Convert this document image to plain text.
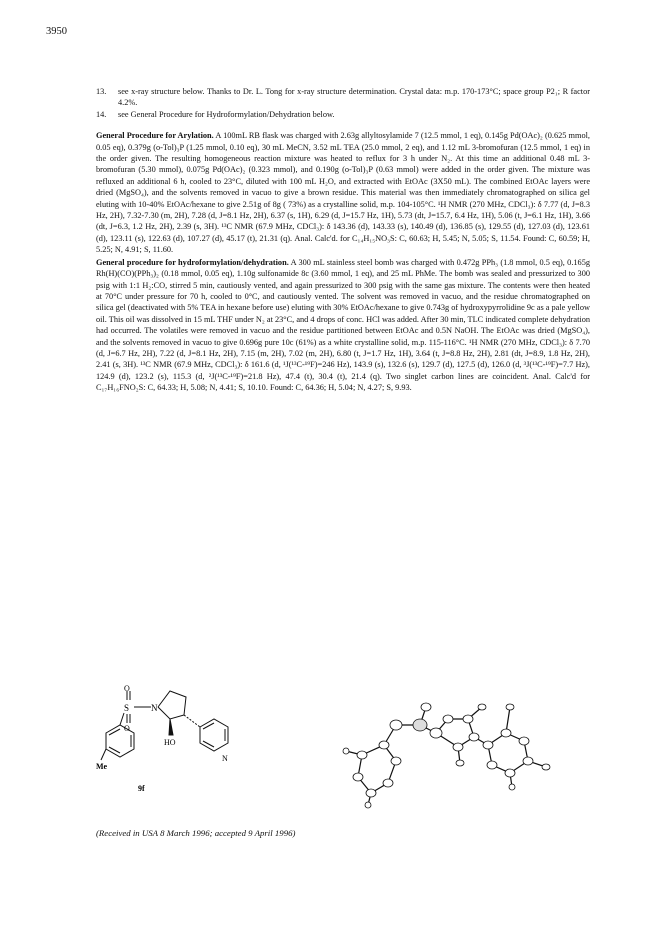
3950
13. see x-ray structure below. Thanks to Dr. L. Tong for x-ray structure determination. Crystal data: m.p. 170-173°C; space group P2₁; R factor 4.2%.
14. see General Procedure for Hydroformylation/Dehydration below.
General Procedure for Arylation. A 100mL RB flask was charged with 2.63g allyltosylamide 7 (12.5 mmol, 1 eq), 0.145g Pd(OAc)₂ (0.625 mmol, 0.05 eq), 0.379g (o-Tol)₃P (1.25 mmol, 0.10 eq), 30 mL MeCN, 3.52 mL TEA (25.0 mmol, 2 eq), and 1.12 mL 3-bromofuran (12.5 mmol, 1 eq) in the order given. The resulting homogeneous reaction mixture was heated to reflux for 3 h under N₂. At this time an additional 0.48 mL 3-bromofuran (5.30 mmol), 0.075g Pd(OAc)₂ (0.323 mmol), and 0.190g (o-Tol)₃P (0.63 mmol) were added in the order given. The mixture was refluxed an additional 6 h, cooled to 23°C, diluted with 100 mL H₂O, and extracted with EtOAc (3X50 mL). The combined EtOAc layers were dried (MgSO₄), and the solvents removed in vacuo to give a brown residue. This material was then immediately chromatographed on silica gel eluting with 10-40% EtOAc/hexane to give 2.51g of 8g ( 73%) as a crystalline solid, m.p. 104-105°C. ¹H NMR (270 MHz, CDCl₃): δ 7.77 (d, J=8.3 Hz, 2H), 7.32-7.30 (m, 2H), 7.28 (d, J=8.1 Hz, 2H), 6.37 (s, 1H), 6.29 (d, J=15.7 Hz, 1H), 5.73 (dt, J=15.7, 6.4 Hz, 1H), 5.06 (t, J=6.1 Hz, 1H), 3.66 (dt, J=6.3, 1.2 Hz, 2H), 2.39 (s, 3H). ¹³C NMR (67.9 MHz, CDCl₃): δ 143.36 (d), 143.33 (s), 140.49 (d), 136.85 (s), 129.55 (d), 127.03 (d), 123.61 (d), 123.11 (s), 122.63 (d), 107.27 (d), 45.17 (t), 21.31 (q). Anal. Calc'd. for C₁₄H₁₅NO₃S: C, 60.63; H, 5.45; N, 5.05; S, 11.54. Found: C, 60.59; H, 5.25; N, 4.91; S, 11.60.
General procedure for hydroformylation/dehydration. A 300 mL stainless steel bomb was charged with 0.472g PPh₃ (1.8 mmol, 0.5 eq), 0.165g Rh(H)(CO)(PPh₃)₂ (0.18 mmol, 0.05 eq), 1.10g sulfonamide 8c (3.60 mmol, 1 eq), and 25 mL PhMe. The bomb was sealed and pressurized to 300 psig with 1:1 H₂:CO, stirred 5 min, cautiously vented, and again pressurized to 300 psig with the same gas mixture. The contents were then heated at 70°C under pressure for 70 h, cooled to 0°C, and cautiously vented. The solvent was removed in vacuo, and the residue chromatographed on silica gel (deactivated with 5% TEA in hexane before use) eluting with 30% EtOAc/hexane to give 0.743g of hydroxypyrrolidine 9c as a pale yellow oil. This oil was dissolved in 15 mL THF under N₂ at 23°C, and 4 drops of conc. HCl was added. After 30 min, TLC indicated complete dehydration had occurred. The volatiles were removed in vacuo and the residue partitioned between EtOAc and 0.5N NaOH. The EtOAc was dried (MgSO₄), and the solvents removed in vacuo to give 0.696g pure 10c (61%) as a white crystalline solid, m.p. 115-116°C. ¹H NMR (270 MHz, CDCl₃): δ 7.70 (d, J=6.7 Hz, 2H), 7.22 (d, J=8.1 Hz, 2H), 7.15 (m, 2H), 7.02 (m, 2H), 6.80 (t, J=1.7 Hz, 1H), 3.64 (t, J=8.8 Hz, 2H), 2.81 (dt, J=8.9, 1.8 Hz, 2H), 2.41 (s, 3H). ¹³C NMR (67.9 MHz, CDCl₃): δ 161.6 (d, ¹J(¹³C-¹⁹F)=246 Hz), 143.9 (s), 132.6 (s), 129.7 (d), 127.5 (d), 126.0 (d, ³J(¹³C-¹⁹F)=7.7 Hz), 124.9 (d), 123.2 (s), 115.3 (d, ²J(¹³C-¹⁹F)=21.8 Hz), 47.4 (t), 30.4 (t), 21.4 (q). Two singlet carbon lines are coincident. Anal. Calc'd for C₁₇H₁₆FNO₂S: C, 64.33; H, 5.08; N, 4.41; S, 10.10. Found: C, 64.36; H, 5.04; N, 4.27; S, 9.93.
S N
O
O
HO
N
Me
9f
(Received in USA 8 March 1996; accepted 9 April 1996)
